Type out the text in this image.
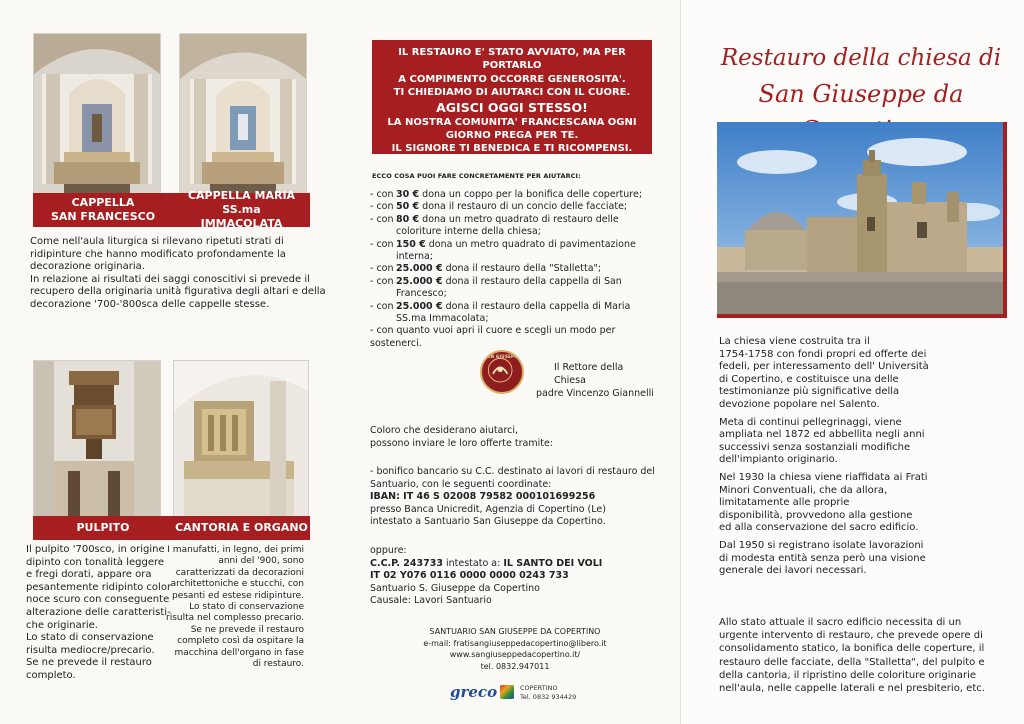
CAPPELLA
SAN FRANCESCO
CAPPELLA MARIA SS.ma
IMMACOLATA
Come nell'aula liturgica si rilevano ripetuti strati di
ridipinture che hanno modificato profondamente la
decorazione originaria.
In relazione ai risultati dei saggi conoscitivi si prevede il
recupero della originaria unità figurativa degli altari e della
decorazione '700-'800sca delle cappelle stesse.
PULPITO	CANTORIA E ORGANO
Il pulpito '700sco, in origine
dipinto con tonalità leggere
e fregi dorati, appare ora
pesantemente ridipinto color
noce scuro con conseguente
alterazione delle caratteristi-
che originarie.
Lo stato di conservazione
risulta mediocre/precario.
Se ne prevede il restauro
completo.
I manufatti, in legno, dei primi
anni del '900, sono
caratterizzati da decorazioni
architettoniche e stucchi, con
pesanti ed estese ridipinture.
Lo stato di conservazione
risulta nel complesso precario.
Se ne prevede il restauro
completo così da ospitare la
macchina dell'organo in fase
di restauro.
IL RESTAURO E' STATO AVVIATO, MA PER PORTARLO
A COMPIMENTO OCCORRE GENEROSITA'.
TI CHIEDIAMO DI AIUTARCI CON IL CUORE.
AGISCI OGGI STESSO!
LA NOSTRA COMUNITA' FRANCESCANA OGNI
GIORNO PREGA PER TE.
IL SIGNORE TI BENEDICA E TI RICOMPENSI.
ECCO COSA PUOI FARE CONCRETAMENTE PER AIUTARCI:
- con 30 € dona un coppo per la bonifica delle coperture;
- con 50 € dona il restauro di un concio delle facciate;
- con 80 € dona un metro quadrato di restauro delle coloriture interne della chiesa;
- con 150 € dona un metro quadrato di pavimentazione interna;
- con 25.000 € dona il restauro della "Stalletta";
- con 25.000 € dona il restauro della cappella di San Francesco;
- con 25.000 € dona il restauro della cappella di Maria SS.ma Immacolata;
- con quanto vuoi apri il cuore e scegli un modo per sostenerci.
SAN GIUSEPPE
Il Rettore della Chiesa
padre Vincenzo Giannelli
Coloro che desiderano aiutarci,
possono inviare le loro offerte tramite:
- bonifico bancario su C.C. destinato ai lavori di restauro del
Santuario, con le seguenti coordinate:
IBAN: IT 46 S 02008 79582 000101699256
presso Banca Unicredit, Agenzia di Copertino (Le)
intestato a Santuario San Giuseppe da Copertino.
oppure:
C.C.P. 243733 intestato a: IL SANTO DEI VOLI
IT 02 Y076 0116 0000 0000 0243 733
Santuario S. Giuseppe da Copertino
Causale: Lavori Santuario
SANTUARIO SAN GIUSEPPE DA COPERTINO
e-mail: fratisangiuseppedacopertino@libero.it
www.sangiuseppedacopertino.it/
tel. 0832.947011
greco	COPERTINO
Tel. 0832 934429
Restauro della chiesa di
San Giuseppe da
La chiesa viene costruita tra il
1754-1758 con fondi propri ed offerte dei
fedeli, per interessamento dell' Università
di Copertino, e costituisce una delle
testimonianze più significative della
devozione popolare nel Salento.
Meta di continui pellegrinaggi, viene
ampliata nel 1872 ed abbellita negli anni
successivi senza sostanziali modifiche
dell'impianto originario.
Nel 1930 la chiesa viene riaffidata ai Frati
Minori Conventuali, che da allora,
limitatamente alle proprie
disponibilità, provvedono alla gestione
ed alla conservazione del sacro edificio.
Dal 1950 si registrano isolate lavorazioni
di modesta entità senza però una visione
generale dei lavori necessari.
Allo stato attuale il sacro edificio necessita di un
urgente intervento di restauro, che prevede opere di
consolidamento statico, la bonifica delle coperture, il
restauro delle facciate, della "Stalletta", del pulpito e
della cantoria, il ripristino delle coloriture originarie
nell'aula, nelle cappelle laterali e nel presbiterio, etc.
